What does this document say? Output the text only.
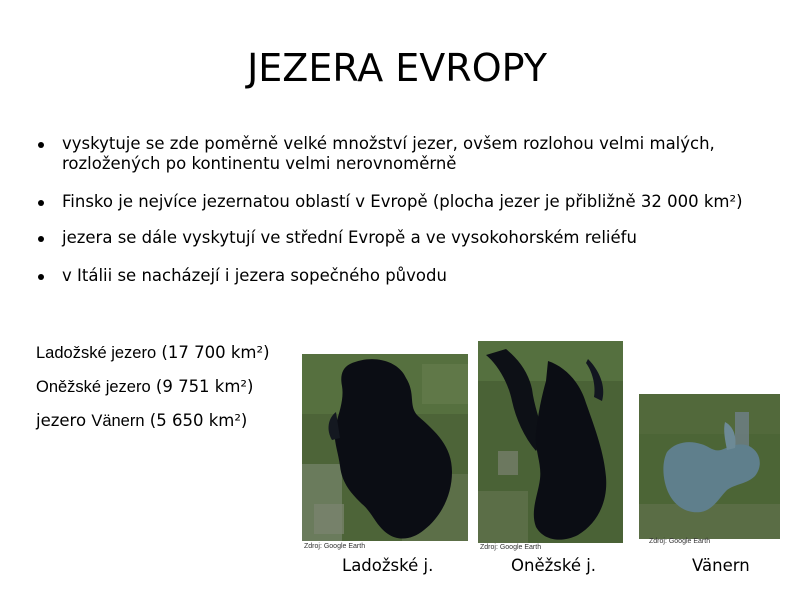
JEZERA EVROPY
vyskytuje se zde poměrně velké množství jezer, ovšem rozlohou velmi malých, rozložených po kontinentu velmi nerovnoměrně
Finsko je nejvíce jezernatou oblastí v Evropě (plocha jezer je přibližně 32 000 km²)
jezera se dále vyskytují ve střední Evropě a ve vysokohorském reliéfu
v Itálii se nacházejí i jezera sopečného původu
Ladožské jezero (17 700 km²)
Oněžské jezero (9 751 km²)
jezero Vänern (5 650 km²)
Zdroj: Google Earth	Zdroj: Google Earth
Zdroj: Google Earth
Ladožské j.	Oněžské j.	Vänern
